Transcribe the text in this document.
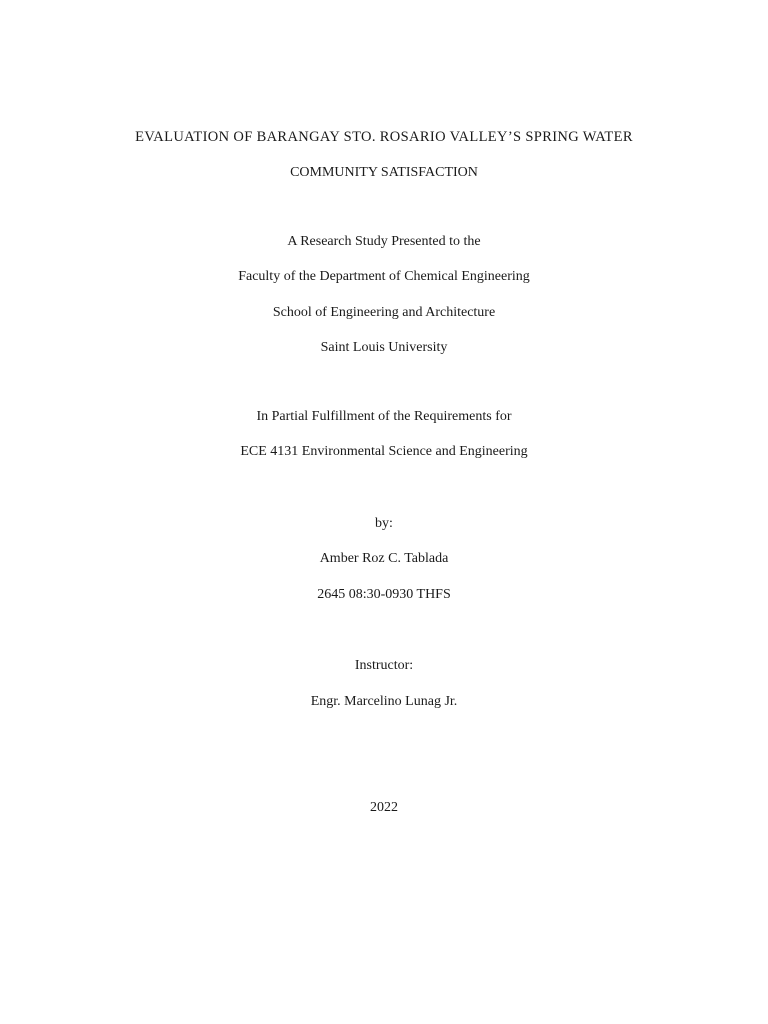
EVALUATION OF BARANGAY STO. ROSARIO VALLEY’S SPRING WATER
COMMUNITY SATISFACTION
A Research Study Presented to the
Faculty of the Department of Chemical Engineering
School of Engineering and Architecture
Saint Louis University
In Partial Fulfillment of the Requirements for
ECE 4131 Environmental Science and Engineering
by:
Amber Roz C. Tablada
2645 08:30-0930 THFS
Instructor:
Engr. Marcelino Lunag Jr.
2022
